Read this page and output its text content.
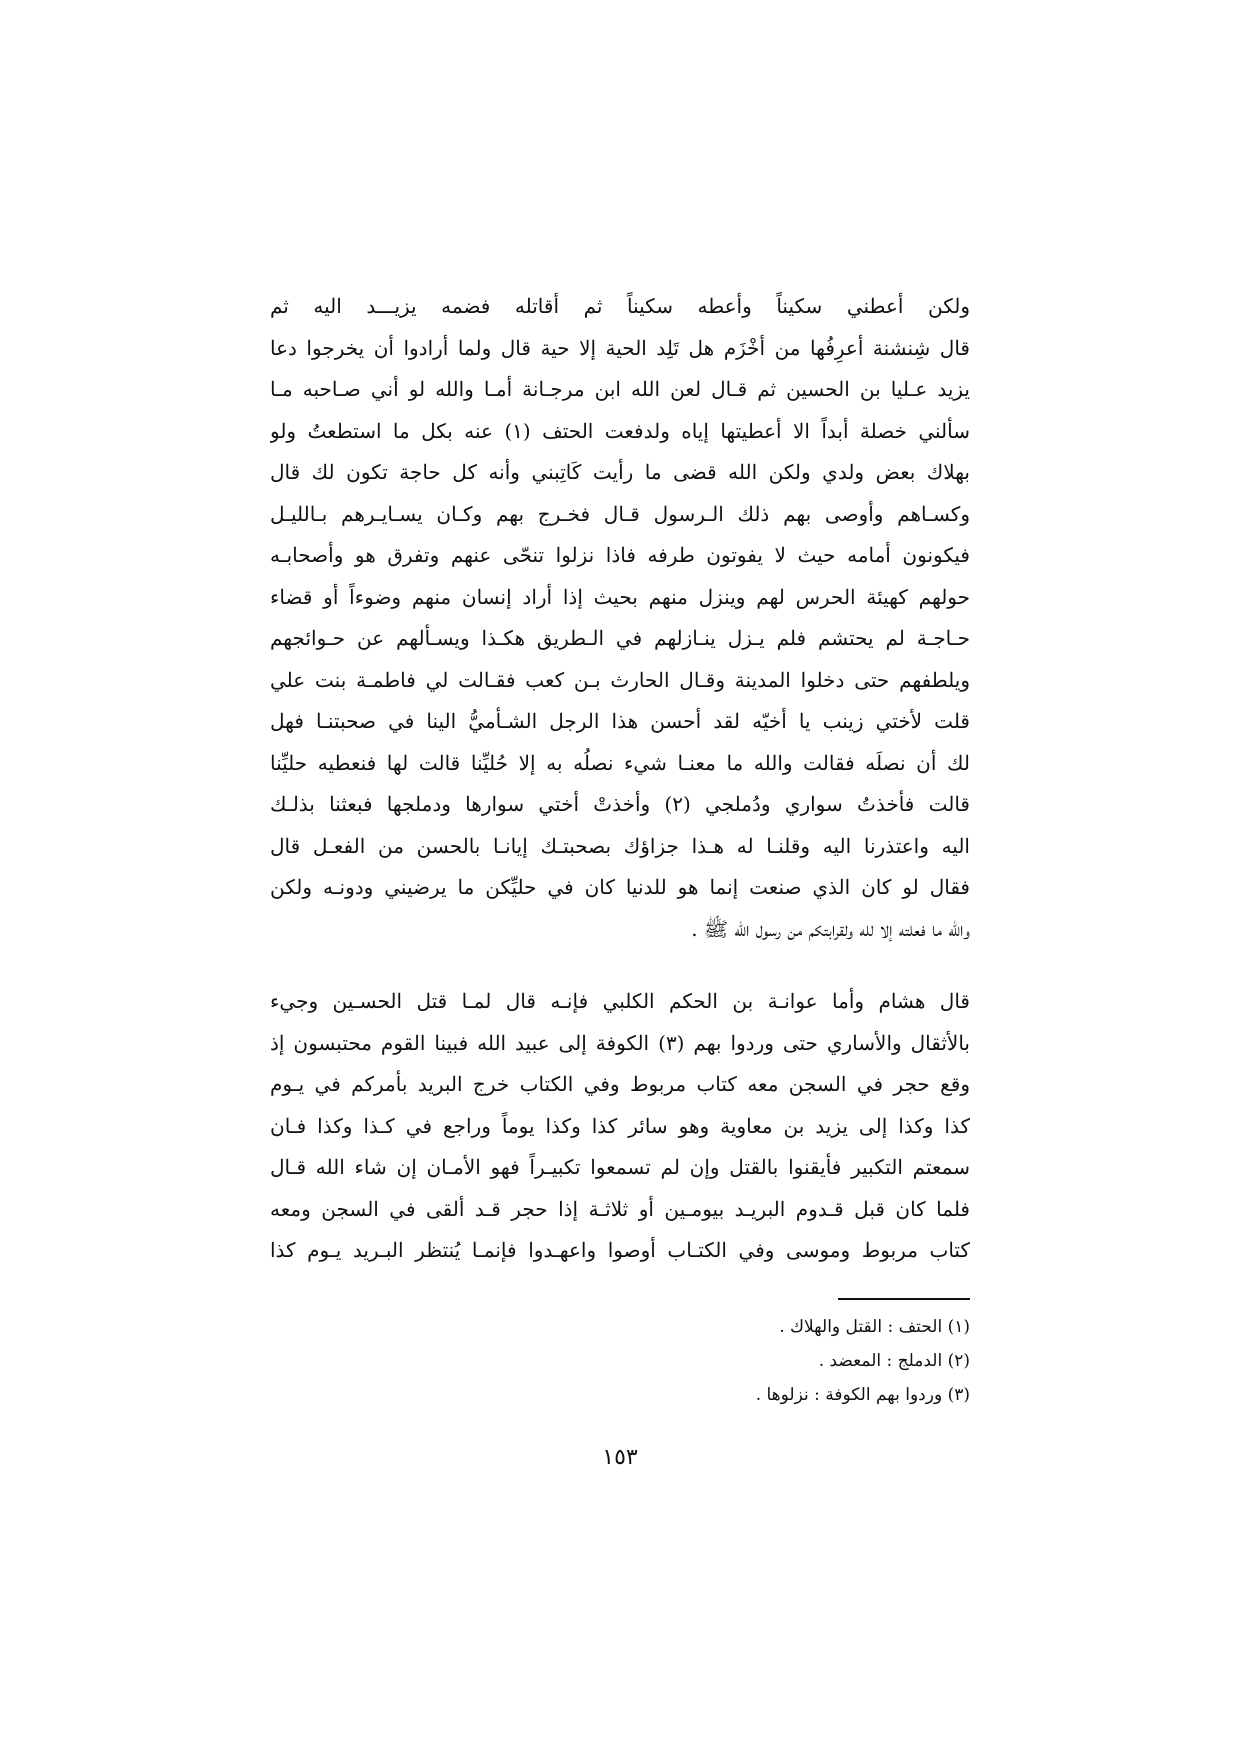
ولكن أعطني سكيناً وأعطه سكيناً ثم أقاتله فضمه يزيـــد اليه ثم
قال شِنشنة أعرِفُها من أخْزَم هل تَلِد الحية إلا حية قال ولما أرادوا أن يخرجوا دعا
يزيد عـليا بن الحسين ثم قـال لعن الله ابن مرجـانة أمـا والله لو أني صـاحبه مـا
سألني خصلة أبداً الا أعطيتها إياه ولدفعت الحتف (١) عنه بكل ما استطعتُ ولو
بهلاك بعض ولدي ولكن الله قضى ما رأيت كَاتِبني وأنه كل حاجة تكون لك قال
وكسـاهم وأوصى بهم ذلك الـرسول قـال فخـرج بهم وكـان يسـايـرهم بـالليـل
فيكونون أمامه حيث لا يفوتون طرفه فاذا نزلوا تنحّى عنهم وتفرق هو وأصحابـه
حولهم كهيئة الحرس لهم وينزل منهم بحيث إذا أراد إنسان منهم وضوءاً أو قضاء
حـاجـة لم يحتشم فلم يـزل ينـازلهم في الـطريق هكـذا ويسـألهم عن حـوائجهم
ويلطفهم حتى دخلوا المدينة وقـال الحارث بـن كعب فقـالت لي فاطمـة بنت علي
قلت لأختي زينب يا أخيّه لقد أحسن هذا الرجل الشـأميُّ الينا في صحبتنـا فهل
لك أن نصلَه فقالت والله ما معنـا شيء نصلُه به إلا حُليِّنا قالت لها فنعطيه حليِّنا
قالت فأخذتُ سواري ودُملجي (٢) وأخذتْ أختي سوارها ودملجها فبعثنا بذلـك
اليه واعتذرنا اليه وقلنـا له هـذا جزاؤك بصحبتـك إيانـا بالحسن من الفعـل قال
فقال لو كان الذي صنعت إنما هو للدنيا كان في حليِّكن ما يرضيني ودونـه ولكن
والله ما فعلته إلا لله ولقرابتكم من رسول الله ﷺ .
قال هشام وأما عوانـة بن الحكم الكلبي فإنـه قال لمـا قتل الحسـين وجيء
بالأثقال والأساري حتى وردوا بهم (٣) الكوفة إلى عبيد الله فبينا القوم محتبسون إذ
وقع حجر في السجن معه كتاب مربوط وفي الكتاب خرج البريد بأمركم في يـوم
كذا وكذا إلى يزيد بن معاوية وهو سائر كذا وكذا يوماً وراجع في كـذا وكذا فـان
سمعتم التكبير فأيقنوا بالقتل وإن لم تسمعوا تكبيـراً فهو الأمـان إن شاء الله قـال
فلما كان قبل قـدوم البريـد بيومـين أو ثلاثـة إذا حجر قـد ألقى في السجن ومعه
كتاب مربوط وموسى وفي الكتـاب أوصوا واعهـدوا فإنمـا يُنتظر البـريد يـوم كذا
(١) الحتف : القتل والهلاك .
(٢) الدملج : المعضد .
(٣) وردوا بهم الكوفة : نزلوها .
١٥٣
